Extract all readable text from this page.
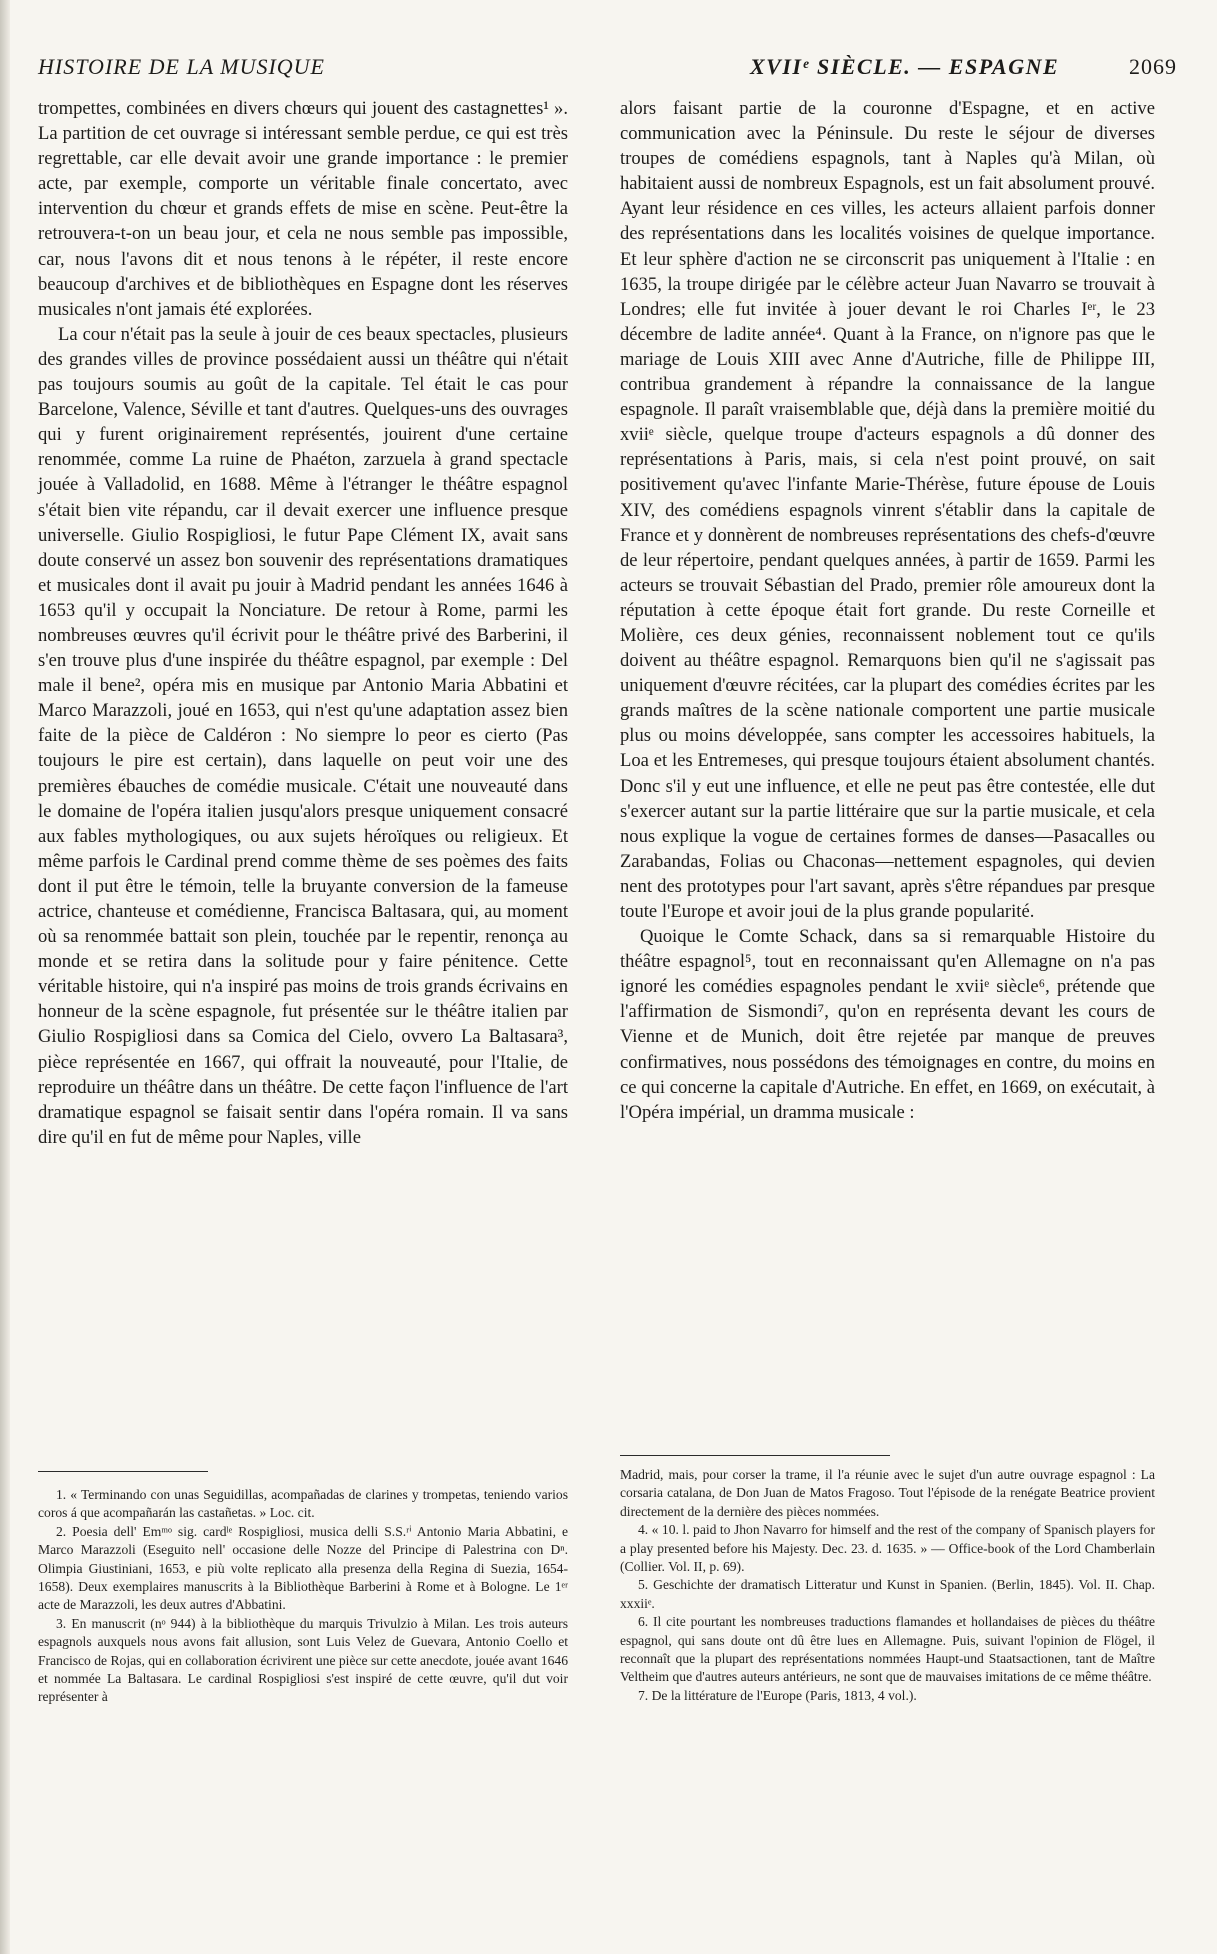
HISTOIRE DE LA MUSIQUE	XVIIᵉ SIÈCLE. — ESPAGNE	2069

trompettes, combinées en divers chœurs qui jouent des castagnettes¹ ». La partition de cet ouvrage si intéressant semble perdue, ce qui est très regrettable, car elle devait avoir une grande importance : le premier acte, par exemple, comporte un véritable finale concertato, avec intervention du chœur et grands effets de mise en scène. Peut-être la retrouvera-t-on un beau jour, et cela ne nous semble pas impossible, car, nous l'avons dit et nous tenons à le répéter, il reste encore beaucoup d'archives et de bibliothèques en Espagne dont les réserves musicales n'ont jamais été explorées.

La cour n'était pas la seule à jouir de ces beaux spectacles, plusieurs des grandes villes de province possédaient aussi un théâtre qui n'était pas toujours soumis au goût de la capitale. Tel était le cas pour Barcelone, Valence, Séville et tant d'autres. Quelques-uns des ouvrages qui y furent originairement représentés, jouirent d'une certaine renommée, comme La ruine de Phaéton, zarzuela à grand spectacle jouée à Valladolid, en 1688. Même à l'étranger le théâtre espagnol s'était bien vite répandu, car il devait exercer une influence presque universelle. Giulio Rospigliosi, le futur Pape Clément IX, avait sans doute conservé un assez bon souvenir des représentations dramatiques et musicales dont il avait pu jouir à Madrid pendant les années 1646 à 1653 qu'il y occupait la Nonciature. De retour à Rome, parmi les nombreuses œuvres qu'il écrivit pour le théâtre privé des Barberini, il s'en trouve plus d'une inspirée du théâtre espagnol, par exemple : Del male il bene², opéra mis en musique par Antonio Maria Abbatini et Marco Marazzoli, joué en 1653, qui n'est qu'une adaptation assez bien faite de la pièce de Caldéron : No siempre lo peor es cierto (Pas toujours le pire est certain), dans laquelle on peut voir une des premières ébauches de comédie musicale. C'était une nouveauté dans le domaine de l'opéra italien jusqu'alors presque uniquement consacré aux fables mythologiques, ou aux sujets héroïques ou religieux. Et même parfois le Cardinal prend comme thème de ses poèmes des faits dont il put être le témoin, telle la bruyante conversion de la fameuse actrice, chanteuse et comédienne, Francisca Baltasara, qui, au moment où sa renommée battait son plein, touchée par le repentir, renonça au monde et se retira dans la solitude pour y faire pénitence. Cette véritable histoire, qui n'a inspiré pas moins de trois grands écrivains en honneur de la scène espagnole, fut présentée sur le théâtre italien par Giulio Rospigliosi dans sa Comica del Cielo, ovvero La Baltasara³, pièce représentée en 1667, qui offrait la nouveauté, pour l'Italie, de reproduire un théâtre dans un théâtre. De cette façon l'influence de l'art dramatique espagnol se faisait sentir dans l'opéra romain. Il va sans dire qu'il en fut de même pour Naples, ville

alors faisant partie de la couronne d'Espagne, et en active communication avec la Péninsule. Du reste le séjour de diverses troupes de comédiens espagnols, tant à Naples qu'à Milan, où habitaient aussi de nombreux Espagnols, est un fait absolument prouvé. Ayant leur résidence en ces villes, les acteurs allaient parfois donner des représentations dans les localités voisines de quelque importance. Et leur sphère d'action ne se circonscrit pas uniquement à l'Italie : en 1635, la troupe dirigée par le célèbre acteur Juan Navarro se trouvait à Londres; elle fut invitée à jouer devant le roi Charles Iᵉʳ, le 23 décembre de ladite année⁴. Quant à la France, on n'ignore pas que le mariage de Louis XIII avec Anne d'Autriche, fille de Philippe III, contribua grandement à répandre la connaissance de la langue espagnole. Il paraît vraisemblable que, déjà dans la première moitié du xviiᵉ siècle, quelque troupe d'acteurs espagnols a dû donner des représentations à Paris, mais, si cela n'est point prouvé, on sait positivement qu'avec l'infante Marie-Thérèse, future épouse de Louis XIV, des comédiens espagnols vinrent s'établir dans la capitale de France et y donnèrent de nombreuses représentations des chefs-d'œuvre de leur répertoire, pendant quelques années, à partir de 1659. Parmi les acteurs se trouvait Sébastian del Prado, premier rôle amoureux dont la réputation à cette époque était fort grande. Du reste Corneille et Molière, ces deux génies, reconnaissent noblement tout ce qu'ils doivent au théâtre espagnol. Remarquons bien qu'il ne s'agissait pas uniquement d'œuvre récitées, car la plupart des comédies écrites par les grands maîtres de la scène nationale comportent une partie musicale plus ou moins développée, sans compter les accessoires habituels, la Loa et les Entremeses, qui presque toujours étaient absolument chantés. Donc s'il y eut une influence, et elle ne peut pas être contestée, elle dut s'exercer autant sur la partie littéraire que sur la partie musicale, et cela nous explique la vogue de certaines formes de danses—Pasacalles ou Zarabandas, Folias ou Chaconas—nettement espagnoles, qui devien nent des prototypes pour l'art savant, après s'être répandues par presque toute l'Europe et avoir joui de la plus grande popularité.

Quoique le Comte Schack, dans sa si remarquable Histoire du théâtre espagnol⁵, tout en reconnaissant qu'en Allemagne on n'a pas ignoré les comédies espagnoles pendant le xviiᵉ siècle⁶, prétende que l'affirmation de Sismondi⁷, qu'on en représenta devant les cours de Vienne et de Munich, doit être rejetée par manque de preuves confirmatives, nous possédons des témoignages en contre, du moins en ce qui concerne la capitale d'Autriche. En effet, en 1669, on exécutait, à l'Opéra impérial, un dramma musicale :

1. « Terminando con unas Seguidillas, acompañadas de clarines y trompetas, teniendo varios coros á que acompañarán las castañetas. » Loc. cit.

2. Poesia dell' Emᵐᵒ sig. cardˡᵉ Rospigliosi, musica delli S.S.ʳⁱ Antonio Maria Abbatini, e Marco Marazzoli (Eseguito nell' occasione delle Nozze del Principe di Palestrina con Dⁿ. Olimpia Giustiniani, 1653, e più volte replicato alla presenza della Regina di Suezia, 1654-1658). Deux exemplaires manuscrits à la Bibliothèque Barberini à Rome et à Bologne. Le 1ᵉʳ acte de Marazzoli, les deux autres d'Abbatini.

3. En manuscrit (nᵒ 944) à la bibliothèque du marquis Trivulzio à Milan. Les trois auteurs espagnols auxquels nous avons fait allusion, sont Luis Velez de Guevara, Antonio Coello et Francisco de Rojas, qui en collaboration écrivirent une pièce sur cette anecdote, jouée avant 1646 et nommée La Baltasara. Le cardinal Rospigliosi s'est inspiré de cette œuvre, qu'il dut voir représenter à

Madrid, mais, pour corser la trame, il l'a réunie avec le sujet d'un autre ouvrage espagnol : La corsaria catalana, de Don Juan de Matos Fragoso. Tout l'épisode de la renégate Beatrice provient directement de la dernière des pièces nommées.

4. « 10. l. paid to Jhon Navarro for himself and the rest of the company of Spanisch players for a play presented before his Majesty. Dec. 23. d. 1635. » — Office-book of the Lord Chamberlain (Collier. Vol. II, p. 69).

5. Geschichte der dramatisch Litteratur und Kunst in Spanien. (Berlin, 1845). Vol. II. Chap. xxxiiᵉ.

6. Il cite pourtant les nombreuses traductions flamandes et hollandaises de pièces du théâtre espagnol, qui sans doute ont dû être lues en Allemagne. Puis, suivant l'opinion de Flögel, il reconnaît que la plupart des représentations nommées Haupt-und Staatsactionen, tant de Maître Veltheim que d'autres auteurs antérieurs, ne sont que de mauvaises imitations de ce même théâtre.

7. De la littérature de l'Europe (Paris, 1813, 4 vol.).
